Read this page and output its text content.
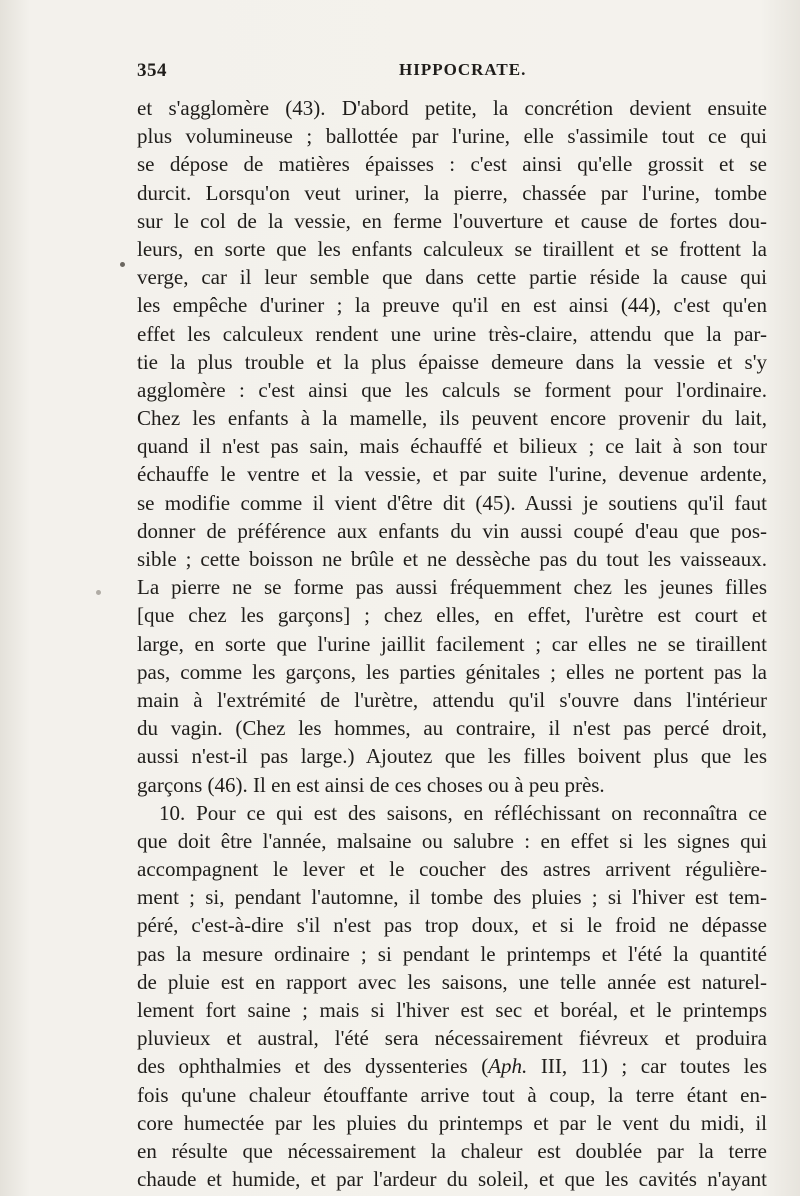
354	HIPPOCRATE.
et s'agglomère (43). D'abord petite, la concrétion devient ensuite
plus volumineuse ; ballottée par l'urine, elle s'assimile tout ce qui
se dépose de matières épaisses : c'est ainsi qu'elle grossit et se
durcit. Lorsqu'on veut uriner, la pierre, chassée par l'urine, tombe
sur le col de la vessie, en ferme l'ouverture et cause de fortes dou-
leurs, en sorte que les enfants calculeux se tiraillent et se frottent la
verge, car il leur semble que dans cette partie réside la cause qui
les empêche d'uriner ; la preuve qu'il en est ainsi (44), c'est qu'en
effet les calculeux rendent une urine très-claire, attendu que la par-
tie la plus trouble et la plus épaisse demeure dans la vessie et s'y
agglomère : c'est ainsi que les calculs se forment pour l'ordinaire.
Chez les enfants à la mamelle, ils peuvent encore provenir du lait,
quand il n'est pas sain, mais échauffé et bilieux ; ce lait à son tour
échauffe le ventre et la vessie, et par suite l'urine, devenue ardente,
se modifie comme il vient d'être dit (45). Aussi je soutiens qu'il faut
donner de préférence aux enfants du vin aussi coupé d'eau que pos-
sible ; cette boisson ne brûle et ne dessèche pas du tout les vaisseaux.
La pierre ne se forme pas aussi fréquemment chez les jeunes filles
[que chez les garçons] ; chez elles, en effet, l'urètre est court et
large, en sorte que l'urine jaillit facilement ; car elles ne se tiraillent
pas, comme les garçons, les parties génitales ; elles ne portent pas la
main à l'extrémité de l'urètre, attendu qu'il s'ouvre dans l'intérieur
du vagin. (Chez les hommes, au contraire, il n'est pas percé droit,
aussi n'est-il pas large.) Ajoutez que les filles boivent plus que les
garçons (46). Il en est ainsi de ces choses ou à peu près.
10. Pour ce qui est des saisons, en réfléchissant on reconnaîtra ce
que doit être l'année, malsaine ou salubre : en effet si les signes qui
accompagnent le lever et le coucher des astres arrivent régulière-
ment ; si, pendant l'automne, il tombe des pluies ; si l'hiver est tem-
péré, c'est-à-dire s'il n'est pas trop doux, et si le froid ne dépasse
pas la mesure ordinaire ; si pendant le printemps et l'été la quantité
de pluie est en rapport avec les saisons, une telle année est naturel-
lement fort saine ; mais si l'hiver est sec et boréal, et le printemps
pluvieux et austral, l'été sera nécessairement fiévreux et produira
des ophthalmies et des dyssenteries (Aph. III, 11) ; car toutes les
fois qu'une chaleur étouffante arrive tout à coup, la terre étant en-
core humectée par les pluies du printemps et par le vent du midi, il
en résulte que nécessairement la chaleur est doublée par la terre
chaude et humide, et par l'ardeur du soleil, et que les cavités n'ayant
